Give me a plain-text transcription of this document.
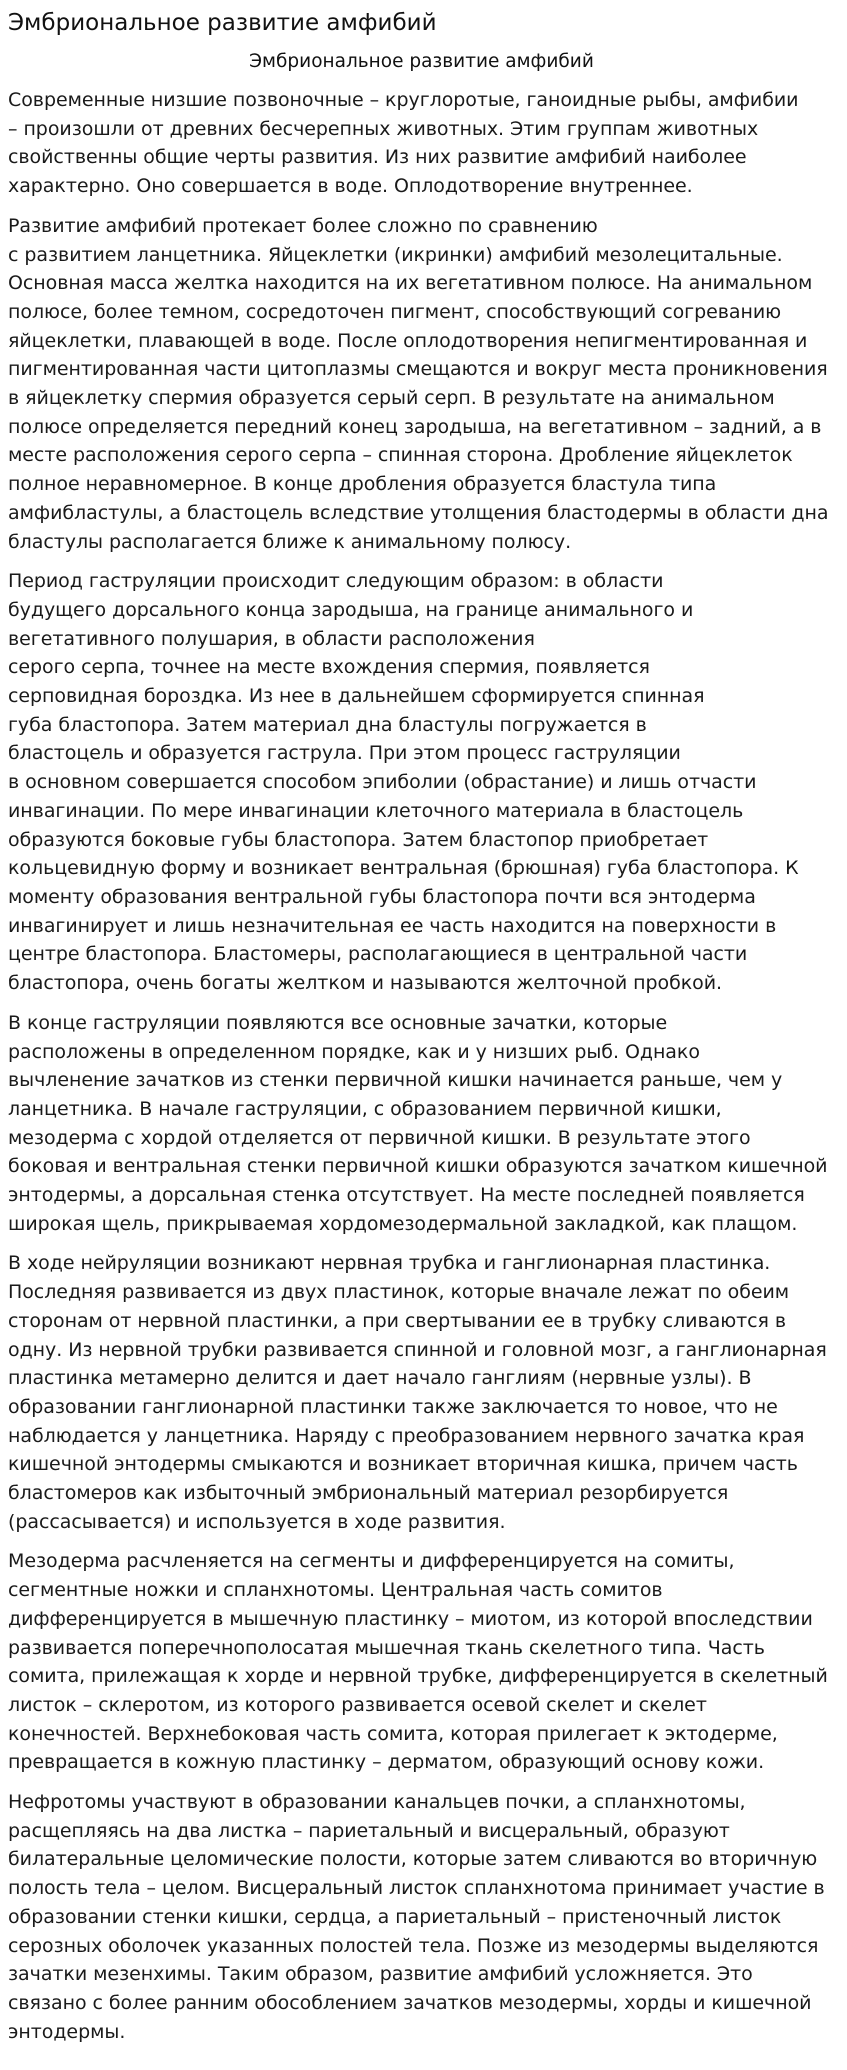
Эмбриональное развитие амфибий
Эмбриональное развитие амфибий

Современные низшие позвоночные – круглоротые, ганоидные рыбы, амфибии
– произошли от древних бесчерепных животных. Этим группам животных
свойственны общие черты развития. Из них развитие амфибий наиболее
характерно. Оно совершается в воде. Оплодотворение внутреннее.

Развитие амфибий протекает более сложно по сравнению
с развитием ланцетника. Яйцеклетки (икринки) амфибий мезолецитальные.
Основная масса желтка находится на их вегетативном полюсе. На анимальном
полюсе, более темном, сосредоточен пигмент, способствующий согреванию
яйцеклетки, плавающей в воде. После оплодотворения непигментированная и
пигментированная части цитоплазмы смещаются и вокруг места проникновения
в яйцеклетку спермия образуется серый серп. В результате на анимальном
полюсе определяется передний конец зародыша, на вегетативном – задний, а в
месте расположения серого серпа – спинная сторона. Дробление яйцеклеток
полное неравномерное. В конце дробления образуется бластула типа
амфибластулы, а бластоцель вследствие утолщения бластодермы в области дна
бластулы располагается ближе к анимальному полюсу.

Период гаструляции происходит следующим образом: в области
будущего дорсального конца зародыша, на границе анимального и
вегетативного полушария, в области расположения
серого серпа, точнее на месте вхождения спермия, появляется
серповидная бороздка. Из нее в дальнейшем сформируется спинная
губа бластопора. Затем материал дна бластулы погружается в
бластоцель и образуется гаструла. При этом процесс гаструляции
в основном совершается способом эпиболии (обрастание) и лишь отчасти
инвагинации. По мере инвагинации клеточного материала в бластоцель
образуются боковые губы бластопора. Затем бластопор приобретает
кольцевидную форму и возникает вентральная (брюшная) губа бластопора. К
моменту образования вентральной губы бластопора почти вся энтодерма
инвагинирует и лишь незначительная ее часть находится на поверхности в
центре бластопора. Бластомеры, располагающиеся в центральной части
бластопора, очень богаты желтком и называются желточной пробкой.

В конце гаструляции появляются все основные зачатки, которые
расположены в определенном порядке, как и у низших рыб. Однако
вычленение зачатков из стенки первичной кишки начинается раньше, чем у
ланцетника. В начале гаструляции, с образованием первичной кишки,
мезодерма с хордой отделяется от первичной кишки. В результате этого
боковая и вентральная стенки первичной кишки образуются зачатком кишечной
энтодермы, а дорсальная стенка отсутствует. На месте последней появляется
широкая щель, прикрываемая хордомезодермальной закладкой, как плащом.

В ходе нейруляции возникают нервная трубка и ганглионарная пластинка.
Последняя развивается из двух пластинок, которые вначале лежат по обеим
сторонам от нервной пластинки, а при свертывании ее в трубку сливаются в
одну. Из нервной трубки развивается спинной и головной мозг, а ганглионарная
пластинка метамерно делится и дает начало ганглиям (нервные узлы). В
образовании ганглионарной пластинки также заключается то новое, что не
наблюдается у ланцетника. Наряду с преобразованием нервного зачатка края
кишечной энтодермы смыкаются и возникает вторичная кишка, причем часть
бластомеров как избыточный эмбриональный материал резорбируется
(рассасывается) и используется в ходе развития.

Мезодерма расчленяется на сегменты и дифференцируется на сомиты,
сегментные ножки и спланхнотомы. Центральная часть сомитов
дифференцируется в мышечную пластинку – миотом, из которой впоследствии
развивается поперечнополосатая мышечная ткань скелетного типа. Часть
сомита, прилежащая к хорде и нервной трубке, дифференцируется в скелетный
листок – склеротом, из которого развивается осевой скелет и скелет
конечностей. Верхнебоковая часть сомита, которая прилегает к эктодерме,
превращается в кожную пластинку – дерматом, образующий основу кожи.

Нефротомы участвуют в образовании канальцев почки, а спланхнотомы,
расщепляясь на два листка – париетальный и висцеральный, образуют
билатеральные целомические полости, которые затем сливаются во вторичную
полость тела – целом. Висцеральный листок спланхнотома принимает участие в
образовании стенки кишки, сердца, а париетальный – пристеночный листок
серозных оболочек указанных полостей тела. Позже из мезодермы выделяются
зачатки мезенхимы. Таким образом, развитие амфибий усложняется. Это
связано с более ранним обособлением зачатков мезодермы, хорды и кишечной
энтодермы.
